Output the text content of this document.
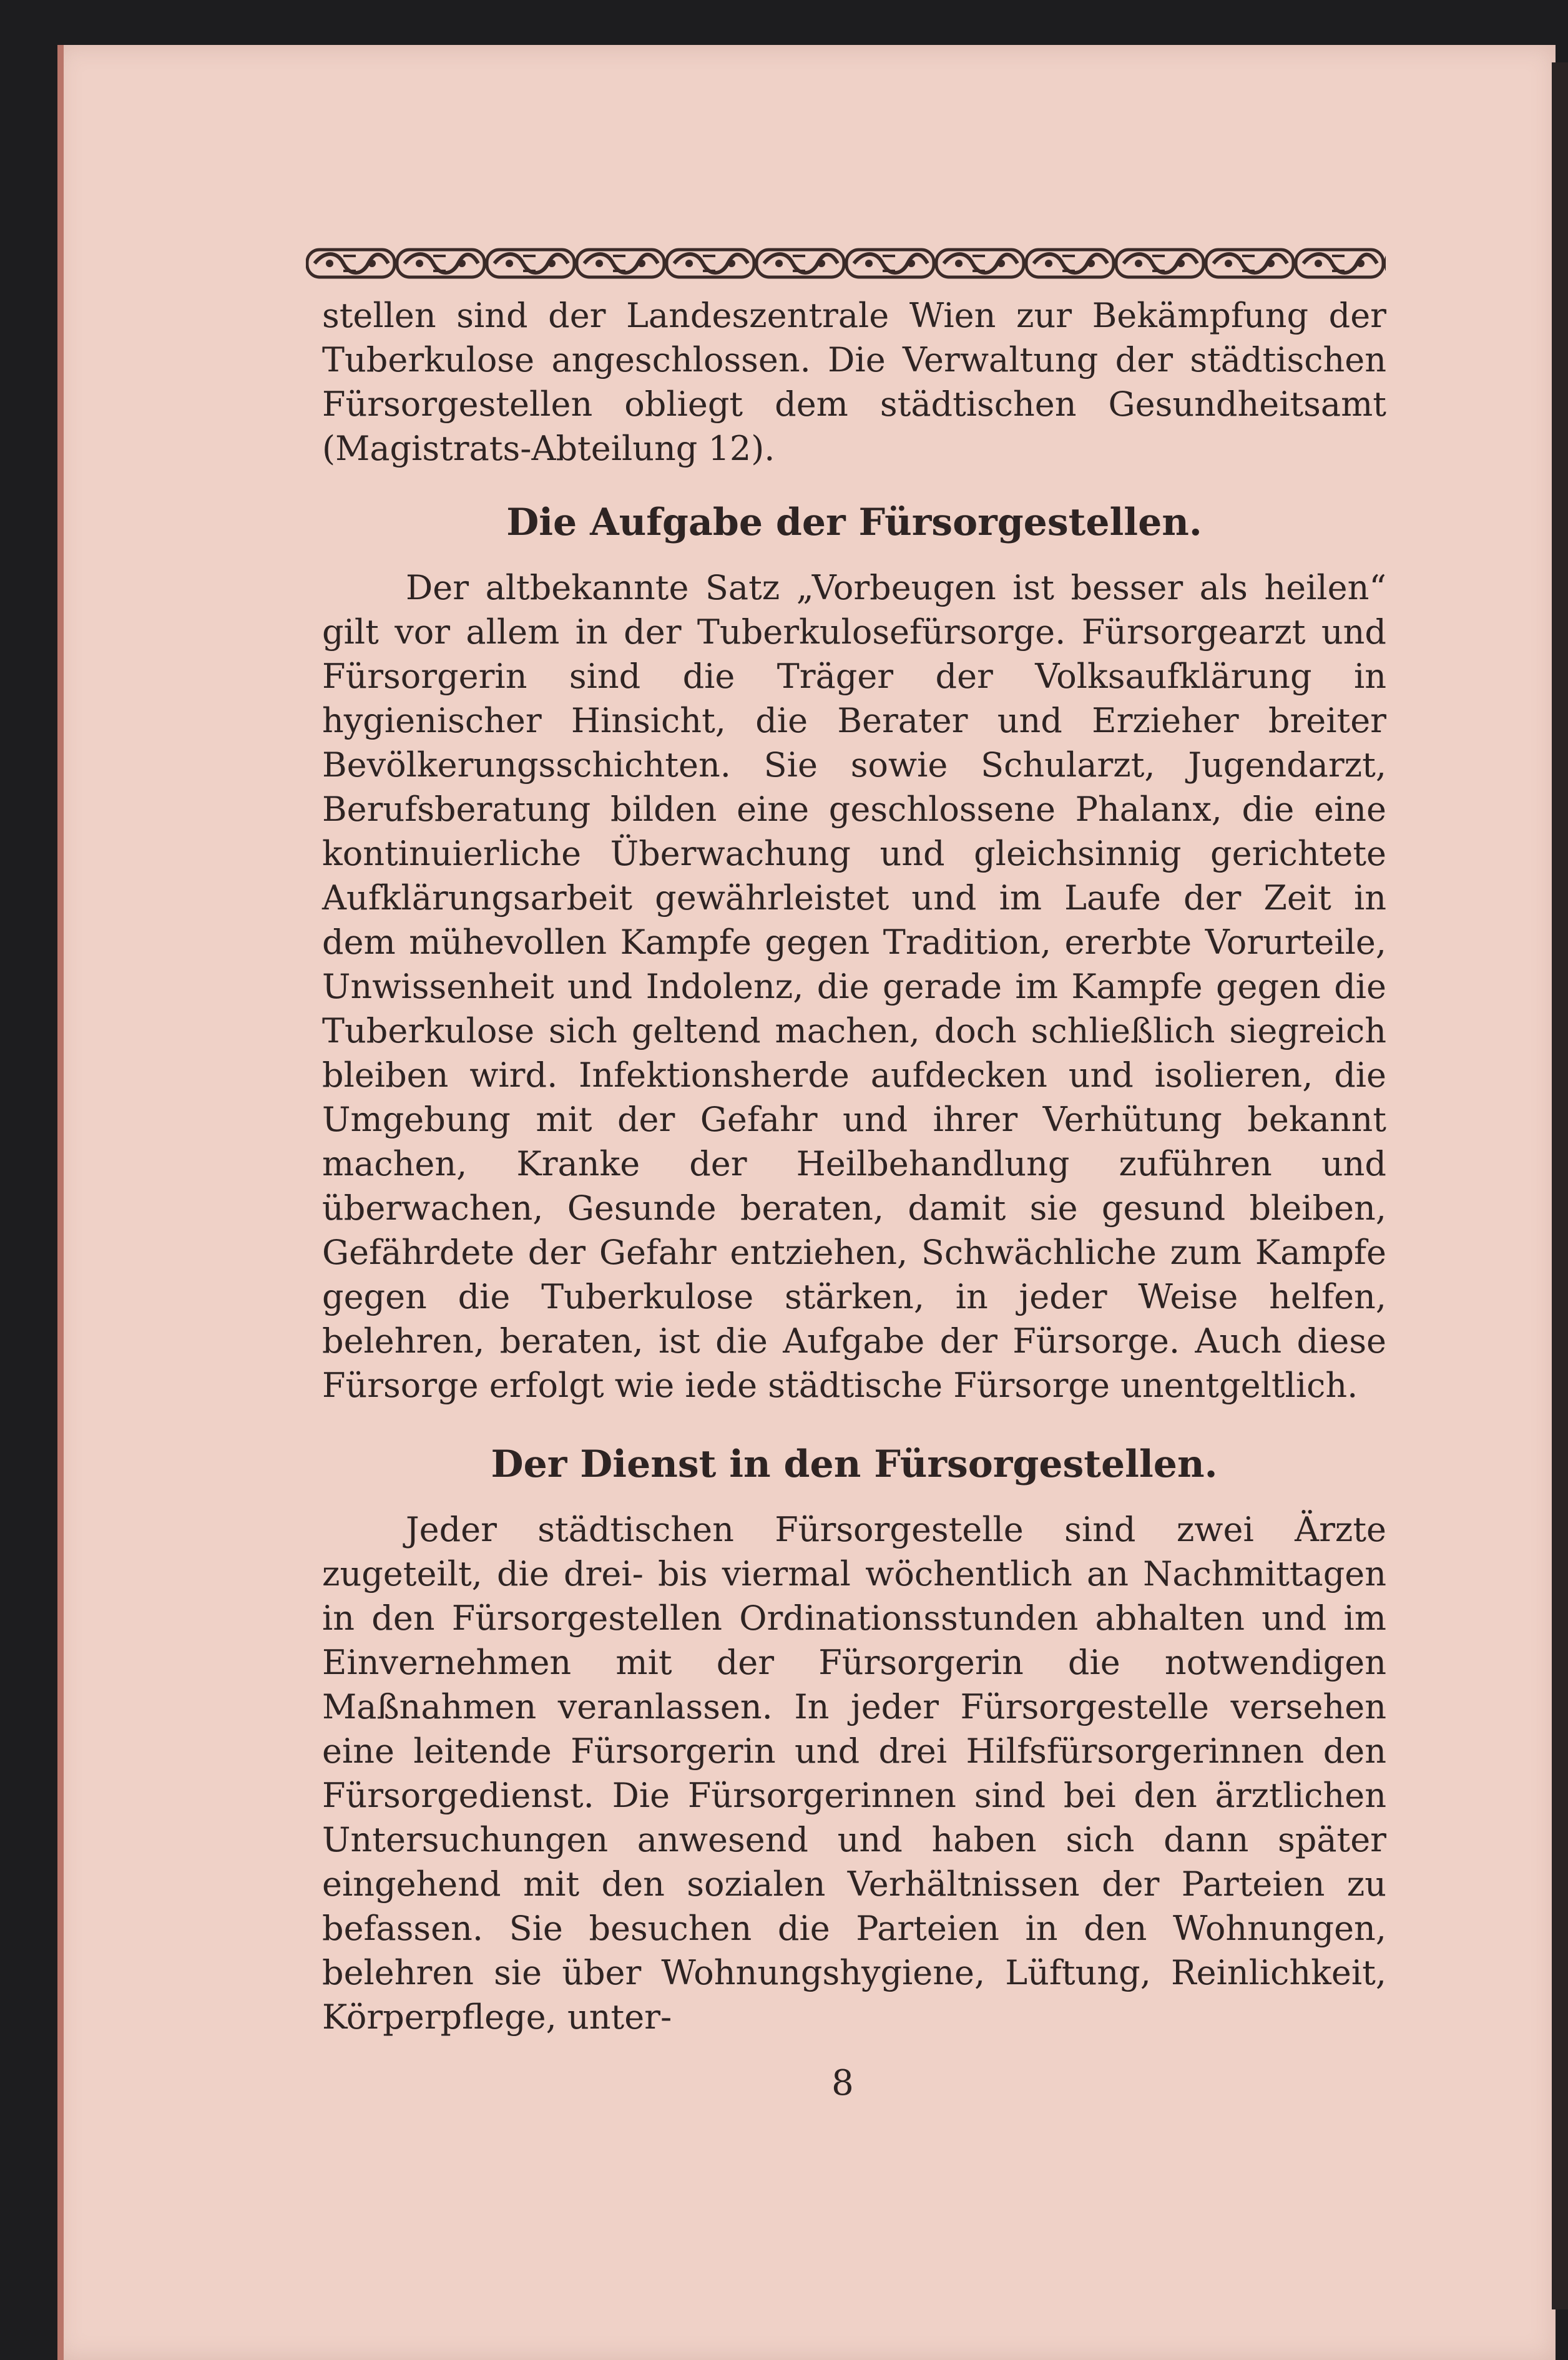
stellen sind der Landeszentrale Wien zur Bekämpfung der Tuberkulose angeschlossen. Die Verwaltung der städtischen Fürsorgestellen obliegt dem städtischen Gesundheitsamt (Magistrats-Abteilung 12).

Die Aufgabe der Fürsorgestellen.

Der altbekannte Satz „Vorbeugen ist besser als heilen“ gilt vor allem in der Tuberkulosefürsorge. Fürsorgearzt und Fürsorgerin sind die Träger der Volksaufklärung in hygienischer Hinsicht, die Berater und Erzieher breiter Bevölkerungsschichten. Sie sowie Schularzt, Jugendarzt, Berufsberatung bilden eine geschlossene Phalanx, die eine kontinuierliche Überwachung und gleichsinnig gerichtete Aufklärungsarbeit gewährleistet und im Laufe der Zeit in dem mühevollen Kampfe gegen Tradition, ererbte Vorurteile, Unwissenheit und Indolenz, die gerade im Kampfe gegen die Tuberkulose sich geltend machen, doch schließlich siegreich bleiben wird. Infektionsherde aufdecken und isolieren, die Umgebung mit der Gefahr und ihrer Verhütung bekannt machen, Kranke der Heilbehandlung zuführen und überwachen, Gesunde beraten, damit sie gesund bleiben, Gefährdete der Gefahr entziehen, Schwächliche zum Kampfe gegen die Tuberkulose stärken, in jeder Weise helfen, belehren, beraten, ist die Aufgabe der Fürsorge. Auch diese Fürsorge erfolgt wie iede städtische Fürsorge unentgeltlich.

Der Dienst in den Fürsorgestellen.

Jeder städtischen Fürsorgestelle sind zwei Ärzte zugeteilt, die drei- bis viermal wöchentlich an Nachmittagen in den Fürsorgestellen Ordinationsstunden abhalten und im Einvernehmen mit der Fürsorgerin die notwendigen Maßnahmen veranlassen. In jeder Fürsorgestelle versehen eine leitende Fürsorgerin und drei Hilfsfürsorgerinnen den Fürsorgedienst. Die Fürsorgerinnen sind bei den ärztlichen Untersuchungen anwesend und haben sich dann später eingehend mit den sozialen Verhältnissen der Parteien zu befassen. Sie besuchen die Parteien in den Wohnungen, belehren sie über Wohnungshygiene, Lüftung, Reinlichkeit, Körperpflege, unter-

8
